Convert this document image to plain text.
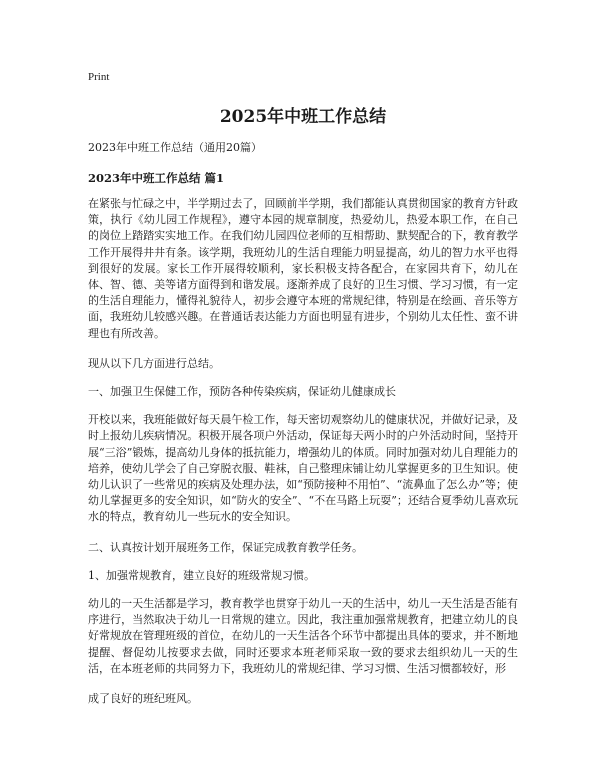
Print
2025年中班工作总结
2023年中班工作总结（通用20篇）
2023年中班工作总结 篇1

在紧张与忙碌之中，半学期过去了，回顾前半学期，我们都能认真贯彻国家的教育方针政策，执行《幼儿园工作规程》，遵守本园的规章制度，热爱幼儿，热爱本职工作，在自己的岗位上踏踏实实地工作。在我们幼儿园四位老师的互相帮助、默契配合的下，教育教学工作开展得井井有条。该学期，我班幼儿的生活自理能力明显提高，幼儿的智力水平也得到很好的发展。家长工作开展得较顺利，家长积极支持各配合，在家园共育下，幼儿在体、智、德、美等诸方面得到和谐发展。逐渐养成了良好的卫生习惯、学习习惯，有一定的生活自理能力，懂得礼貌待人，初步会遵守本班的常规纪律，特别是在绘画、音乐等方面，我班幼儿较感兴趣。在普通话表达能力方面也明显有进步，个别幼儿太任性、蛮不讲理也有所改善。

现从以下几方面进行总结。

一、加强卫生保健工作，预防各种传染疾病，保证幼儿健康成长

开校以来，我班能做好每天晨午检工作，每天密切观察幼儿的健康状况，并做好记录，及时上报幼儿疾病情况。积极开展各项户外活动，保证每天两小时的户外活动时间，坚持开展“三浴”锻炼，提高幼儿身体的抵抗能力，增强幼儿的体质。同时加强对幼儿自理能力的培养，使幼儿学会了自己穿脱衣服、鞋袜，自己整理床铺让幼儿掌握更多的卫生知识。使幼儿认识了一些常见的疾病及处理办法，如“预防接种不用怕”、“流鼻血了怎么办”等；使幼儿掌握更多的安全知识，如“防火的安全”、“不在马路上玩耍”；还结合夏季幼儿喜欢玩水的特点，教育幼儿一些玩水的安全知识。

二、认真按计划开展班务工作，保证完成教育教学任务。

1、加强常规教育，建立良好的班级常规习惯。

幼儿的一天生活都是学习，教育教学也贯穿于幼儿一天的生活中，幼儿一天生活是否能有序进行，当然取决于幼儿一日常规的建立。因此，我注重加强常规教育，把建立幼儿的良好常规放在管理班级的首位，在幼儿的一天生活各个环节中都提出具体的要求，并不断地提醒、督促幼儿按要求去做，同时还要求本班老师采取一致的要求去组织幼儿一天的生活，在本班老师的共同努力下，我班幼儿的常规纪律、学习习惯、生活习惯都较好，形

成了良好的班纪班风。
